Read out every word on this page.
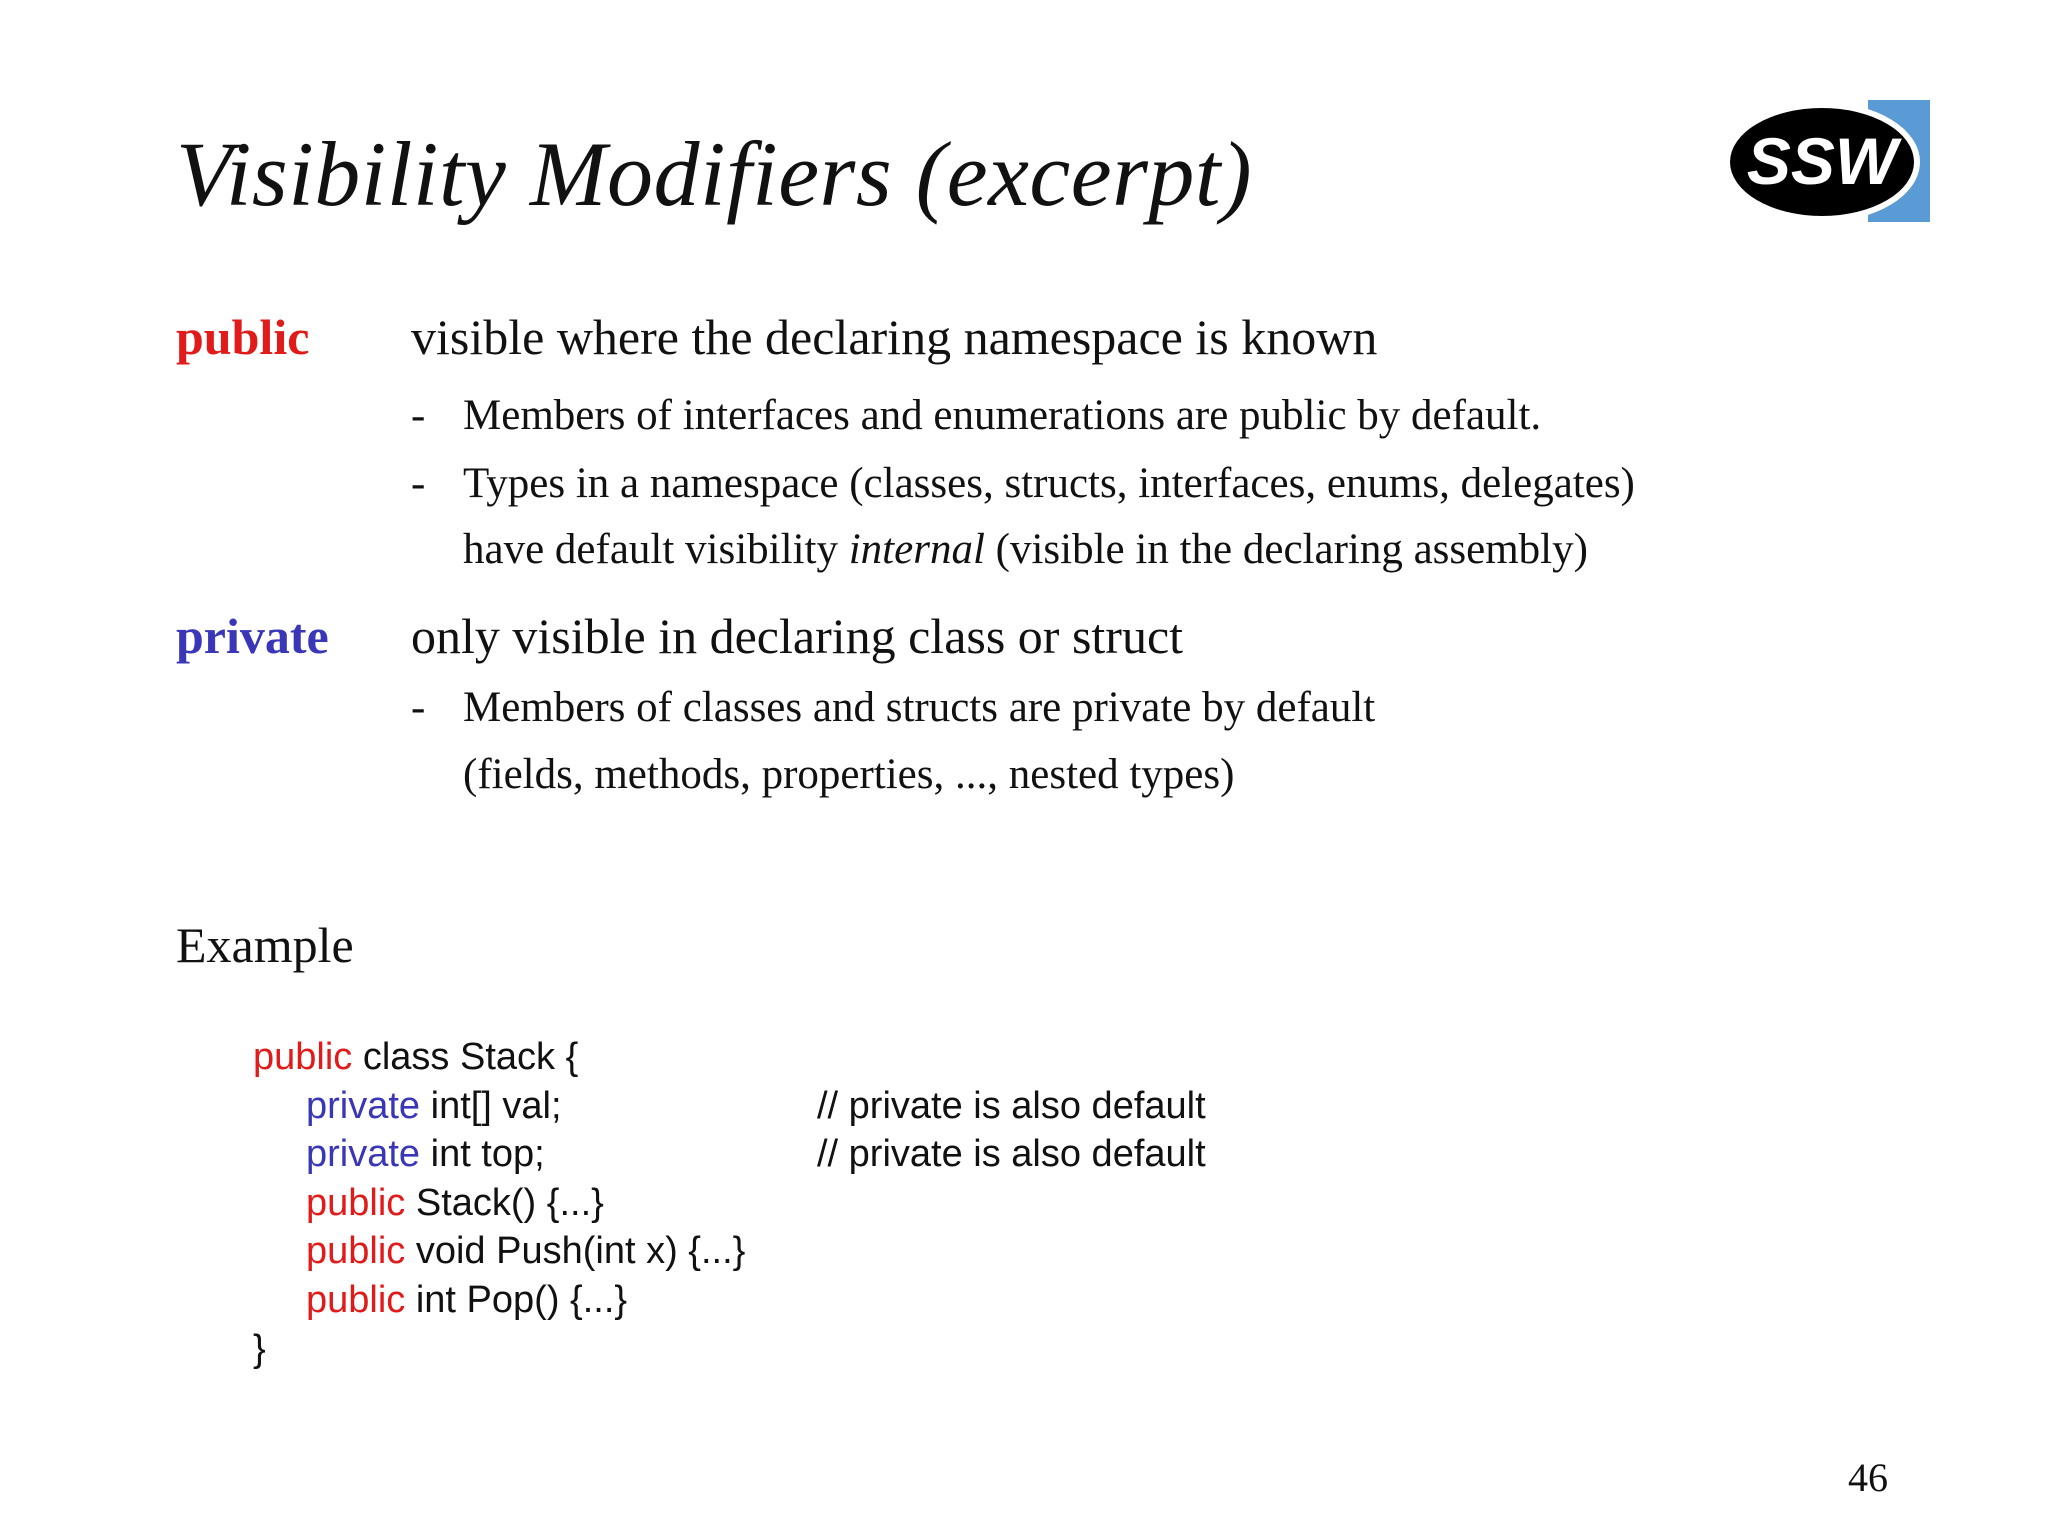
Visibility Modifiers (excerpt)	SSW
public visible where the declaring namespace is known
- Members of interfaces and enumerations are public by default.
- Types in a namespace (classes, structs, interfaces, enums, delegates)
have default visibility internal (visible in the declaring assembly)
private only visible in declaring class or struct
- Members of classes and structs are private by default
(fields, methods, properties, ..., nested types)
Example
public class Stack {
private int[] val;	// private is also default
private int top;	// private is also default
public Stack() {...}
public void Push(int x) {...}
public int Pop() {...}
}
46
